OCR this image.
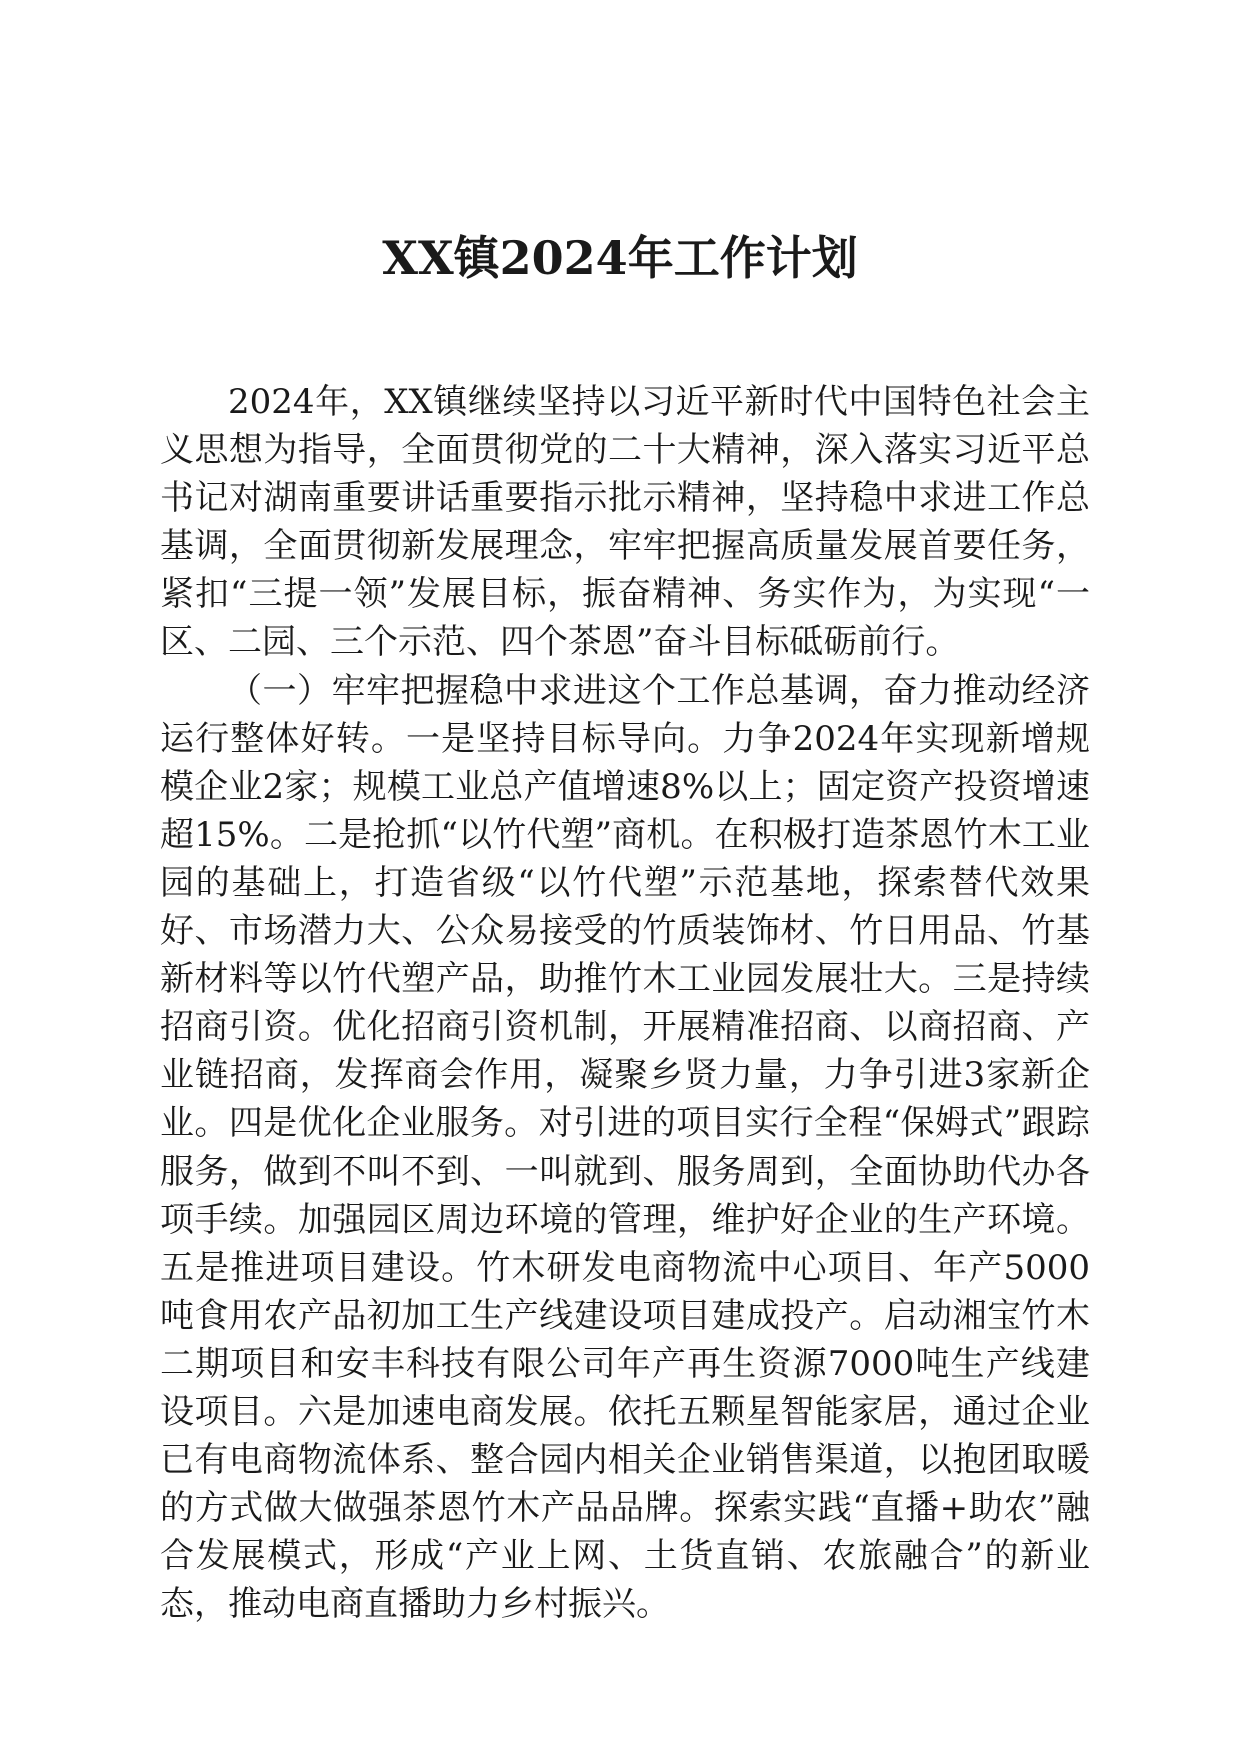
XX镇2024年工作计划

2024年，XX镇继续坚持以习近平新时代中国特色社会主义思想为指导，全面贯彻党的二十大精神，深入落实习近平总书记对湖南重要讲话重要指示批示精神，坚持稳中求进工作总基调，全面贯彻新发展理念，牢牢把握高质量发展首要任务，紧扣“三提一领”发展目标，振奋精神、务实作为，为实现“一区、二园、三个示范、四个茶恩”奋斗目标砥砺前行。

（一）牢牢把握稳中求进这个工作总基调，奋力推动经济运行整体好转。一是坚持目标导向。力争2024年实现新增规模企业2家；规模工业总产值增速8%以上；固定资产投资增速超15%。二是抢抓“以竹代塑”商机。在积极打造茶恩竹木工业园的基础上，打造省级“以竹代塑”示范基地，探索替代效果好、市场潜力大、公众易接受的竹质装饰材、竹日用品、竹基新材料等以竹代塑产品，助推竹木工业园发展壮大。三是持续招商引资。优化招商引资机制，开展精准招商、以商招商、产业链招商，发挥商会作用，凝聚乡贤力量，力争引进3家新企业。四是优化企业服务。对引进的项目实行全程“保姆式”跟踪服务，做到不叫不到、一叫就到、服务周到，全面协助代办各项手续。加强园区周边环境的管理，维护好企业的生产环境。五是推进项目建设。竹木研发电商物流中心项目、年产5000吨食用农产品初加工生产线建设项目建成投产。启动湘宝竹木二期项目和安丰科技有限公司年产再生资源7000吨生产线建设项目。六是加速电商发展。依托五颗星智能家居，通过企业已有电商物流体系、整合园内相关企业销售渠道，以抱团取暖的方式做大做强茶恩竹木产品品牌。探索实践“直播+助农”融合发展模式，形成“产业上网、土货直销、农旅融合”的新业态，推动电商直播助力乡村振兴。
